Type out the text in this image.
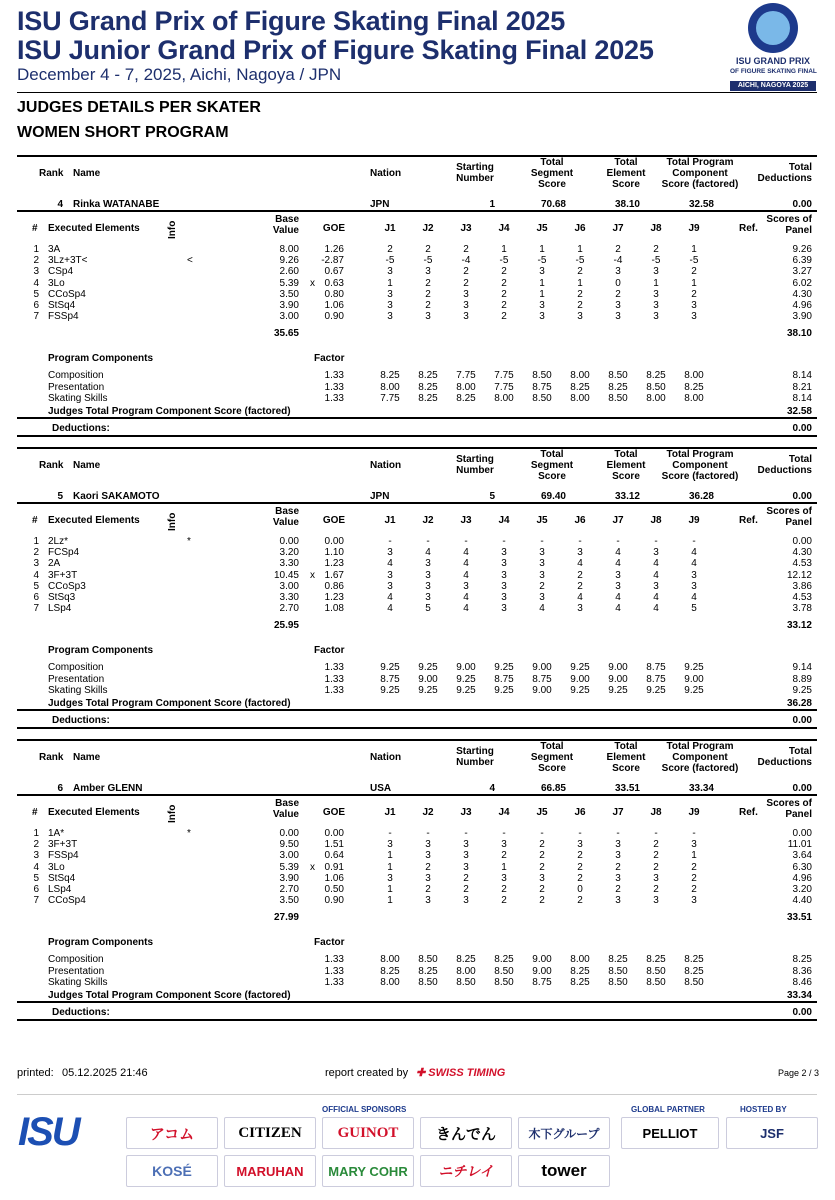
ISU Grand Prix of Figure Skating Final 2025
ISU Junior Grand Prix of Figure Skating Final 2025
December 4 - 7, 2025, Aichi, Nagoya / JPN
ISU GRAND PRIX
OF FIGURE SKATING FINAL
AICHI, NAGOYA 2025
JUDGES DETAILS PER SKATER
WOMEN SHORT PROGRAM
Rank Name	Nation
Starting
Number
Total
Segment
Score
Total
Element
Score
Total Program
Component
Score (factored)
Total
Deductions
4 Rinka WATANABE	JPN	1	70.68	38.10	32.58	0.00
# Executed Elements	Info
Base
Value	GOE	J1	J2	J3	J4	J5	J6	J7	J8	J9	Ref.
Scores of
Panel
1 3A	8.00	1.26	2	2	2	1	1	1	2	2	1	9.26
2 3Lz+3T<	<	9.26	-2.87	-5	-5	-4	-5	-5	-5	-4	-5	-5	6.39
3 CSp4	2.60	0.67	3	3	2	2	3	2	3	3	2	3.27
4 3Lo	5.39	x 0.63	1	2	2	2	1	1	0	1	1	6.02
5 CCoSp4	3.50	0.80	3	2	3	2	1	2	2	3	2	4.30
6 StSq4	3.90	1.06	3	2	3	2	3	2	3	3	3	4.96
7 FSSp4	3.00	0.90	3	3	3	2	3	3	3	3	3	3.90
35.65	38.10
Program Components	Factor
Composition	1.33	8.25	8.25	7.75	7.75	8.50	8.00	8.50	8.25	8.00	8.14
Presentation	1.33	8.00	8.25	8.00	7.75	8.75	8.25	8.25	8.50	8.25	8.21
Skating Skills	1.33	7.75	8.25	8.25	8.00	8.50	8.00	8.50	8.00	8.00	8.14
Judges Total Program Component Score (factored)	32.58
Deductions:	0.00
Rank Name	Nation
Starting
Number
Total
Segment
Score
Total
Element
Score
Total Program
Component
Score (factored)
Total
Deductions
5 Kaori SAKAMOTO	JPN	5	69.40	33.12	36.28	0.00
# Executed Elements	Info
Base
Value	GOE	J1	J2	J3	J4	J5	J6	J7	J8	J9	Ref.
Scores of
Panel
1 2Lz*	*	0.00	0.00	-	-	-	-	-	-	-	-	-	0.00
2 FCSp4	3.20	1.10	3	4	4	3	3	3	4	3	4	4.30
3 2A	3.30	1.23	4	3	4	3	3	4	4	4	4	4.53
4 3F+3T	10.45	x 1.67	3	3	4	3	3	2	3	4	3	12.12
5 CCoSp3	3.00	0.86	3	3	3	3	2	2	3	3	3	3.86
6 StSq3	3.30	1.23	4	3	4	3	3	4	4	4	4	4.53
7 LSp4	2.70	1.08	4	5	4	3	4	3	4	4	5	3.78
25.95	33.12
Program Components	Factor
Composition	1.33	9.25	9.25	9.00	9.25	9.00	9.25	9.00	8.75	9.25	9.14
Presentation	1.33	8.75	9.00	9.25	8.75	8.75	9.00	9.00	8.75	9.00	8.89
Skating Skills	1.33	9.25	9.25	9.25	9.25	9.00	9.25	9.25	9.25	9.25	9.25
Judges Total Program Component Score (factored)	36.28
Deductions:	0.00
Rank Name	Nation
Starting
Number
Total
Segment
Score
Total
Element
Score
Total Program
Component
Score (factored)
Total
Deductions
6 Amber GLENN	USA	4	66.85	33.51	33.34	0.00
# Executed Elements	Info
Base
Value	GOE	J1	J2	J3	J4	J5	J6	J7	J8	J9	Ref.
Scores of
Panel
1 1A*	*	0.00	0.00	-	-	-	-	-	-	-	-	-	0.00
2 3F+3T	9.50	1.51	3	3	3	3	2	3	3	2	3	11.01
3 FSSp4	3.00	0.64	1	3	3	2	2	2	3	2	1	3.64
4 3Lo	5.39	x 0.91	1	2	3	1	2	2	2	2	2	6.30
5 StSq4	3.90	1.06	3	3	2	3	3	2	3	3	2	4.96
6 LSp4	2.70	0.50	1	2	2	2	2	0	2	2	2	3.20
7 CCoSp4	3.50	0.90	1	3	3	2	2	2	3	3	3	4.40
27.99	33.51
Program Components	Factor
Composition	1.33	8.00	8.50	8.25	8.25	9.00	8.00	8.25	8.25	8.25	8.25
Presentation	1.33	8.25	8.25	8.00	8.50	9.00	8.25	8.50	8.50	8.25	8.36
Skating Skills	1.33	8.00	8.50	8.50	8.50	8.75	8.25	8.50	8.50	8.50	8.46
Judges Total Program Component Score (factored)	33.34
Deductions:	0.00
printed: 05.12.2025 21:46	report created by ✚ SWISS TIMING	Page 2 / 3
OFFICIAL SPONSORS	GLOBAL PARTNER	HOSTED BY
ISU	アコム	CITIZEN	GUINOT	きんでん	木下グループ	PELLIOT	JSF
KOSÉ	MARUHAN	MARY COHR	ニチレイ	tower
